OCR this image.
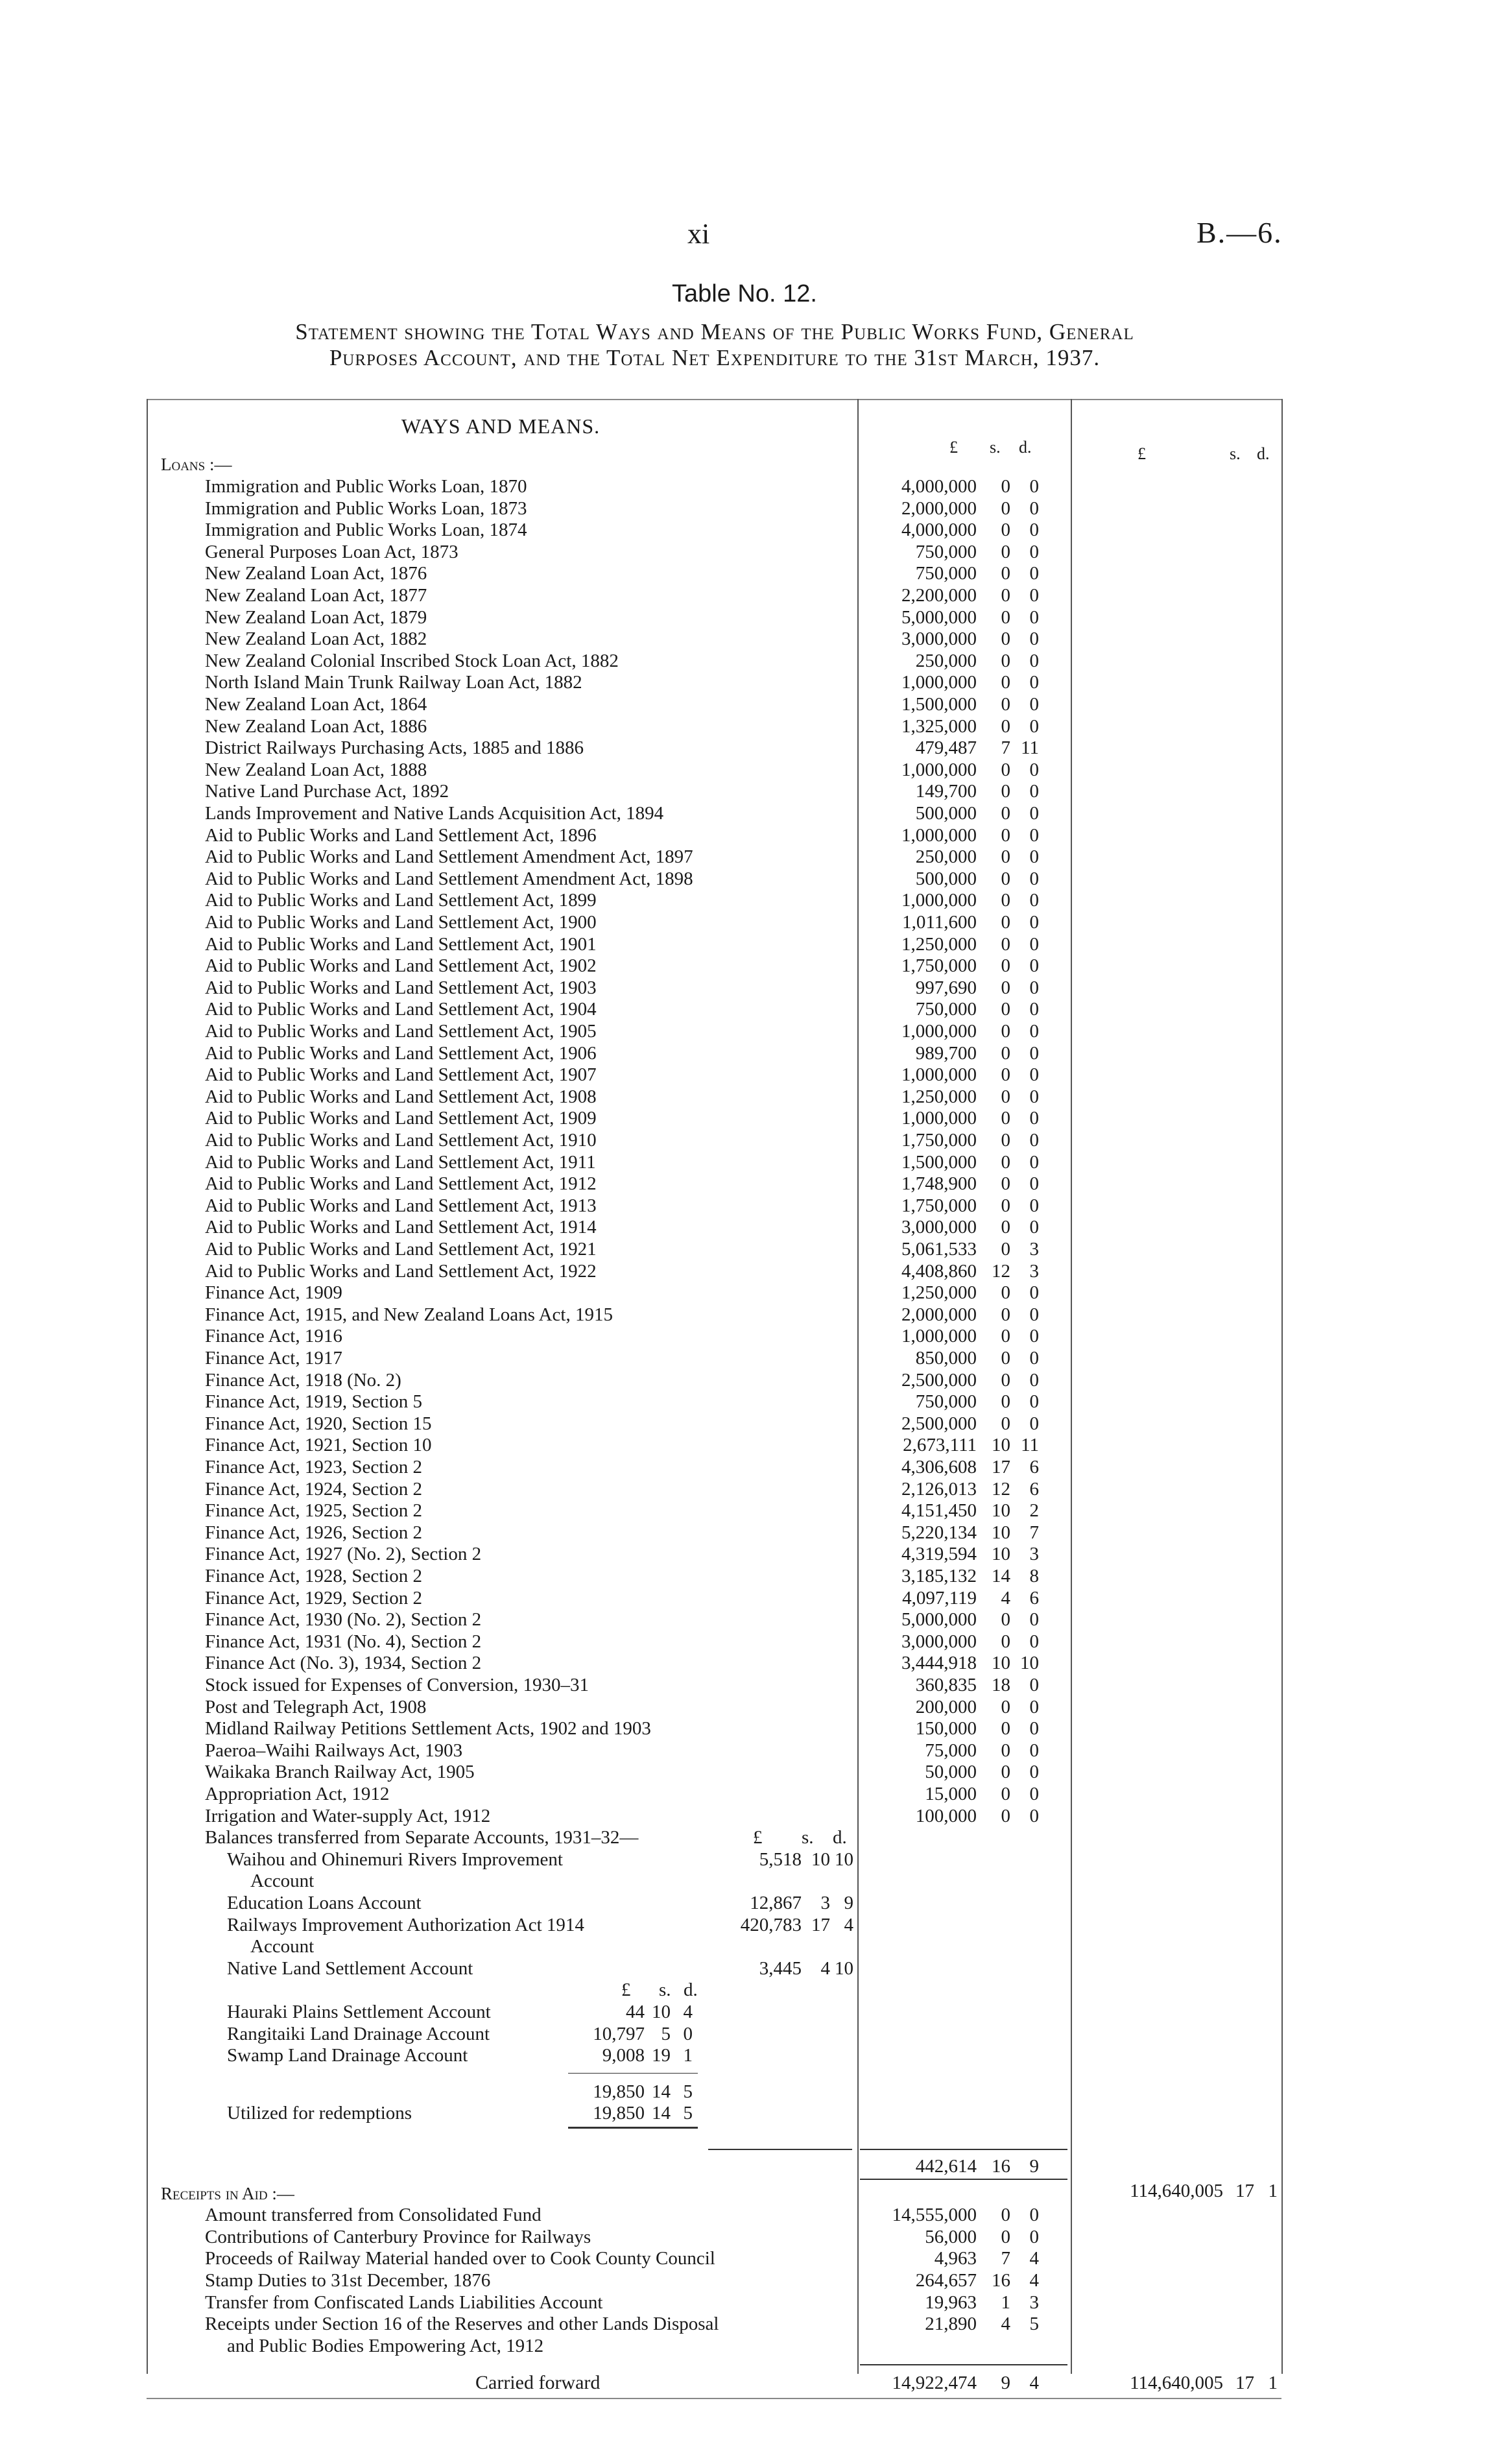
xi	B.—6.
Table No. 12.
Statement showing the Total Ways and Means of the Public Works Fund, General
Purposes Account, and the Total Net Expenditure to the 31st March, 1937.
WAYS AND MEANS.
£ s. d.	£	s. d.
Loans :—
Immigration and Public Works Loan, 1870	4,000,000	0	0
Immigration and Public Works Loan, 1873	2,000,000	0	0
Immigration and Public Works Loan, 1874	4,000,000	0	0
General Purposes Loan Act, 1873	750,000	0	0
New Zealand Loan Act, 1876	750,000	0	0
New Zealand Loan Act, 1877	2,200,000	0	0
New Zealand Loan Act, 1879	5,000,000	0	0
New Zealand Loan Act, 1882	3,000,000	0	0
New Zealand Colonial Inscribed Stock Loan Act, 1882	250,000	0	0
North Island Main Trunk Railway Loan Act, 1882	1,000,000	0	0
New Zealand Loan Act, 1864	1,500,000	0	0
New Zealand Loan Act, 1886	1,325,000	0	0
District Railways Purchasing Acts, 1885 and 1886	479,487	7 11
New Zealand Loan Act, 1888	1,000,000	0	0
Native Land Purchase Act, 1892	149,700	0	0
Lands Improvement and Native Lands Acquisition Act, 1894	500,000	0	0
Aid to Public Works and Land Settlement Act, 1896	1,000,000	0	0
Aid to Public Works and Land Settlement Amendment Act, 1897	250,000	0	0
Aid to Public Works and Land Settlement Amendment Act, 1898	500,000	0	0
Aid to Public Works and Land Settlement Act, 1899	1,000,000	0	0
Aid to Public Works and Land Settlement Act, 1900	1,011,600	0	0
Aid to Public Works and Land Settlement Act, 1901	1,250,000	0	0
Aid to Public Works and Land Settlement Act, 1902	1,750,000	0	0
Aid to Public Works and Land Settlement Act, 1903	997,690	0	0
Aid to Public Works and Land Settlement Act, 1904	750,000	0	0
Aid to Public Works and Land Settlement Act, 1905	1,000,000	0	0
Aid to Public Works and Land Settlement Act, 1906	989,700	0	0
Aid to Public Works and Land Settlement Act, 1907	1,000,000	0	0
Aid to Public Works and Land Settlement Act, 1908	1,250,000	0	0
Aid to Public Works and Land Settlement Act, 1909	1,000,000	0	0
Aid to Public Works and Land Settlement Act, 1910	1,750,000	0	0
Aid to Public Works and Land Settlement Act, 1911	1,500,000	0	0
Aid to Public Works and Land Settlement Act, 1912	1,748,900	0	0
Aid to Public Works and Land Settlement Act, 1913	1,750,000	0	0
Aid to Public Works and Land Settlement Act, 1914	3,000,000	0	0
Aid to Public Works and Land Settlement Act, 1921	5,061,533	0	3
Aid to Public Works and Land Settlement Act, 1922	4,408,860 12	3
Finance Act, 1909	1,250,000	0	0
Finance Act, 1915, and New Zealand Loans Act, 1915	2,000,000	0	0
Finance Act, 1916	1,000,000	0	0
Finance Act, 1917	850,000	0	0
Finance Act, 1918 (No. 2)	2,500,000	0	0
Finance Act, 1919, Section 5	750,000	0	0
Finance Act, 1920, Section 15	2,500,000	0	0
Finance Act, 1921, Section 10	2,673,111 10 11
Finance Act, 1923, Section 2	4,306,608 17	6
Finance Act, 1924, Section 2	2,126,013 12	6
Finance Act, 1925, Section 2	4,151,450 10	2
Finance Act, 1926, Section 2	5,220,134 10	7
Finance Act, 1927 (No. 2), Section 2	4,319,594 10	3
Finance Act, 1928, Section 2	3,185,132 14	8
Finance Act, 1929, Section 2	4,097,119	4	6
Finance Act, 1930 (No. 2), Section 2	5,000,000	0	0
Finance Act, 1931 (No. 4), Section 2	3,000,000	0	0
Finance Act (No. 3), 1934, Section 2	3,444,918 10 10
Stock issued for Expenses of Conversion, 1930–31	360,835 18	0
Post and Telegraph Act, 1908	200,000	0	0
Midland Railway Petitions Settlement Acts, 1902 and 1903	150,000	0	0
Paeroa–Waihi Railways Act, 1903	75,000	0	0
Waikaka Branch Railway Act, 1905	50,000	0	0
Appropriation Act, 1912	15,000	0	0
Irrigation and Water-supply Act, 1912	100,000	0	0
Balances transferred from Separate Accounts, 1931–32—	£ s. d.
Waihou and Ohinemuri Rivers Improvement	5,518 10 10
Account
Education Loans Account	12,867	3 9
Railways Improvement Authorization Act 1914	420,783 17 4
Account
Native Land Settlement Account	3,445	4 10
£ s. d.
Hauraki Plains Settlement Account	44 10 4
Rangitaiki Land Drainage Account	10,797 5 0
Swamp Land Drainage Account	9,008 19 1
19,850 14 5
Utilized for redemptions	19,850 14 5
442,614 16	9
114,640,005 17 1
Receipts in Aid :—
Amount transferred from Consolidated Fund	14,555,000	0	0
Contributions of Canterbury Province for Railways	56,000	0	0
Proceeds of Railway Material handed over to Cook County Council	4,963	7	4
Stamp Duties to 31st December, 1876	264,657 16	4
Transfer from Confiscated Lands Liabilities Account	19,963	1	3
Receipts under Section 16 of the Reserves and other Lands Disposal	21,890	4	5
and Public Bodies Empowering Act, 1912
Carried forward	14,922,474	9	4	114,640,005 17 1
